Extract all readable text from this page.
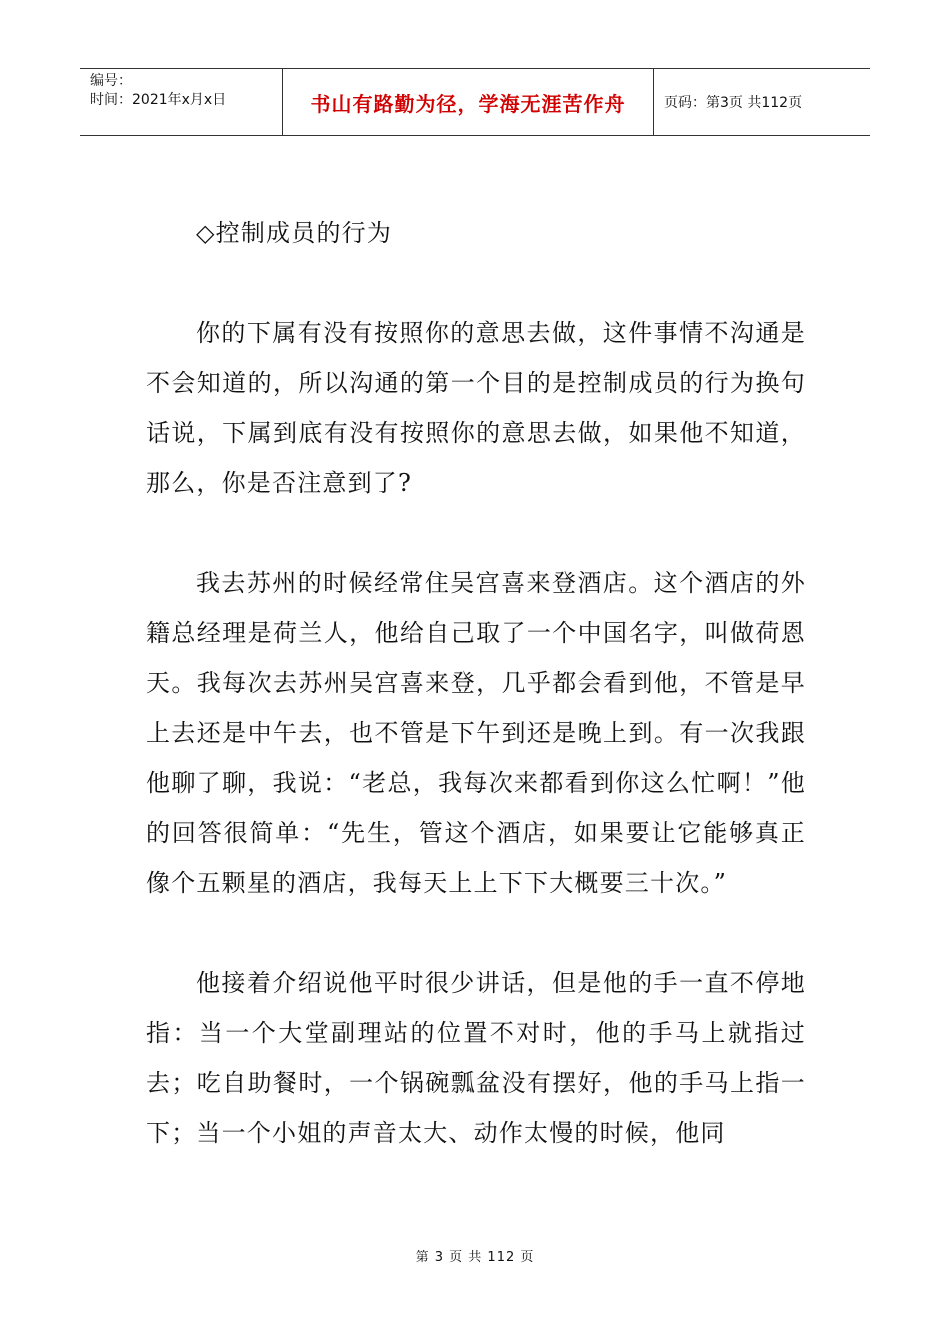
编号：
时间：2021年x月x日	书山有路勤为径，学海无涯苦作舟	页码：第3页 共112页

◇控制成员的行为

你的下属有没有按照你的意思去做，这件事情不沟通是不会知道的，所以沟通的第一个目的是控制成员的行为换句话说，下属到底有没有按照你的意思去做，如果他不知道，那么，你是否注意到了?

我去苏州的时候经常住吴宫喜来登酒店。这个酒店的外籍总经理是荷兰人，他给自己取了一个中国名字，叫做荷恩天。我每次去苏州吴宫喜来登，几乎都会看到他，不管是早上去还是中午去，也不管是下午到还是晚上到。有一次我跟他聊了聊，我说：“老总，我每次来都看到你这么忙啊！”他的回答很简单：“先生，管这个酒店，如果要让它能够真正像个五颗星的酒店，我每天上上下下大概要三十次。”

他接着介绍说他平时很少讲话，但是他的手一直不停地指：当一个大堂副理站的位置不对时，他的手马上就指过去；吃自助餐时，一个锅碗瓢盆没有摆好，他的手马上指一下；当一个小姐的声音太大、动作太慢的时候，他同

第 3 页 共 112 页
